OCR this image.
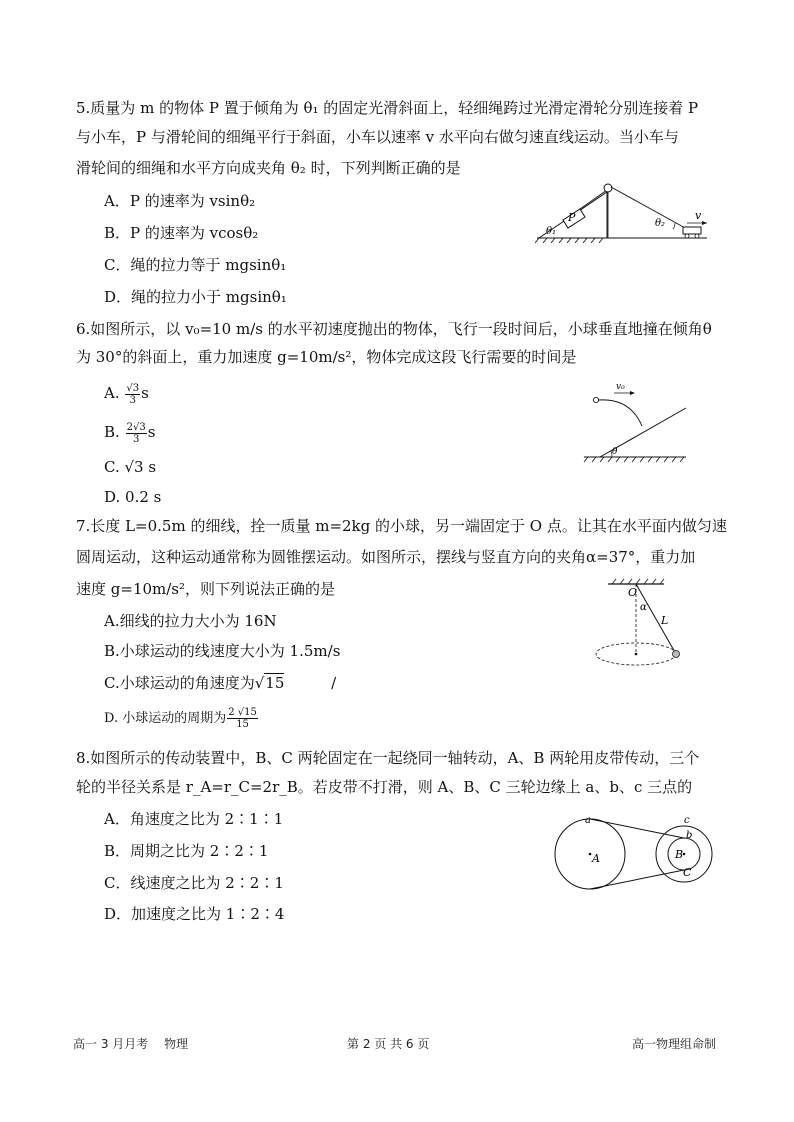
5.质量为 m 的物体 P 置于倾角为 θ₁ 的固定光滑斜面上，轻细绳跨过光滑定滑轮分别连接着 P
与小车，P 与滑轮间的细绳平行于斜面，小车以速率 v 水平向右做匀速直线运动。当小车与
滑轮间的细绳和水平方向成夹角 θ₂ 时，下列判断正确的是
A．P 的速率为 vsinθ₂
B．P 的速率为 vcosθ₂
C．绳的拉力等于 mgsinθ₁
D．绳的拉力小于 mgsinθ₁
P
θ₁
θ₂
v
6.如图所示，以 v₀=10 m/s 的水平初速度抛出的物体，飞行一段时间后，小球垂直地撞在倾角θ
为 30°的斜面上，重力加速度 g=10m/s²，物体完成这段飞行需要的时间是
A. $\frac{√3}{3}$ s
B. $\frac{2√3}{3}$ s
C. √3 s
D. 0.2 s
v₀
θ
7.长度 L=0.5m 的细线，拴一质量 m=2kg 的小球，另一端固定于 O 点。让其在水平面内做匀速
圆周运动，这种运动通常称为圆锥摆运动。如图所示，摆线与竖直方向的夹角α=37°，重力加
速度 g=10m/s²，则下列说法正确的是
A.细线的拉力大小为 16N
B.小球运动的线速度大小为 1.5m/s
C.小球运动的角速度为√15	/
D. 小球运动的周期为 $\frac{2 √15}{15}$
O
α
L
8.如图所示的传动装置中，B、C 两轮固定在一起绕同一轴转动，A、B 两轮用皮带传动，三个
轮的半径关系是 r_A=r_C=2r_B。若皮带不打滑，则 A、B、C 三轮边缘上 a、b、c 三点的
A．角速度之比为 2∶1∶1
B．周期之比为 2∶2∶1
C．线速度之比为 2∶2∶1
D．加速度之比为 1∶2∶4
a
A
c
b
B
C
高一 3 月月考　 物理	第 2 页 共 6 页	高一物理组命制
